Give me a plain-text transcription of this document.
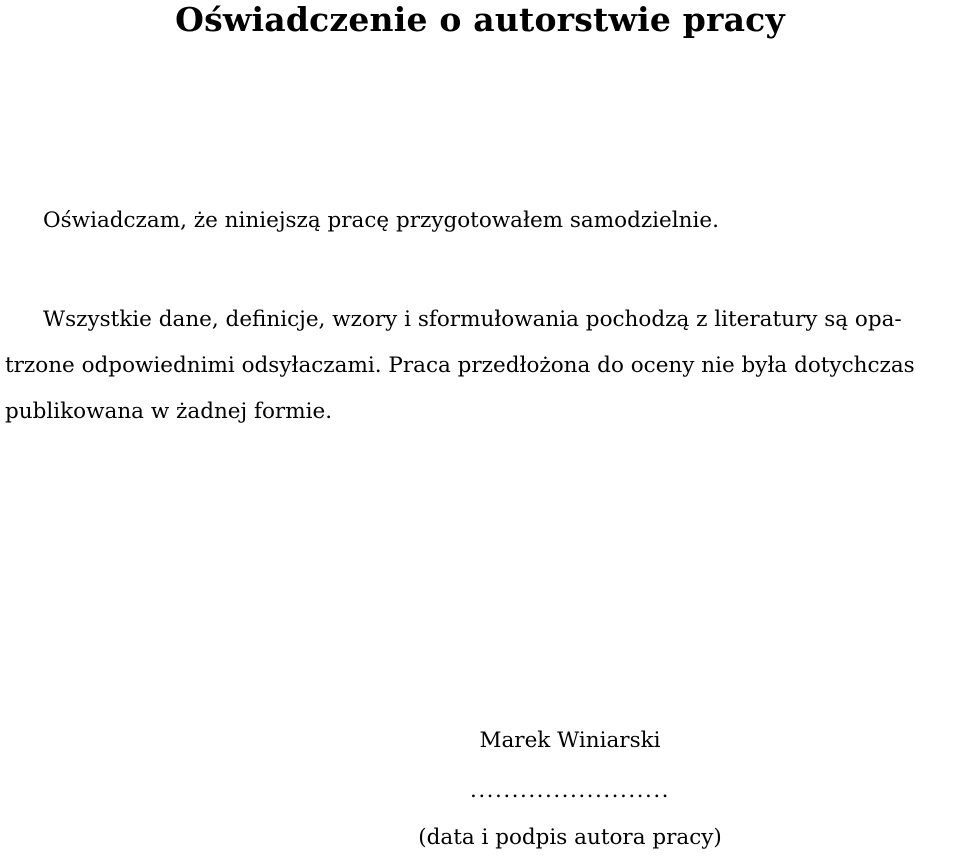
Oświadczenie o autorstwie pracy
Oświadczam, że niniejszą pracę przygotowałem samodzielnie.
Wszystkie dane, definicje, wzory i sformułowania pochodzą z literatury są opa-
trzone odpowiednimi odsyłaczami. Praca przedłożona do oceny nie była dotychczas
publikowana w żadnej formie.
Marek Winiarski
........................
(data i podpis autora pracy)
